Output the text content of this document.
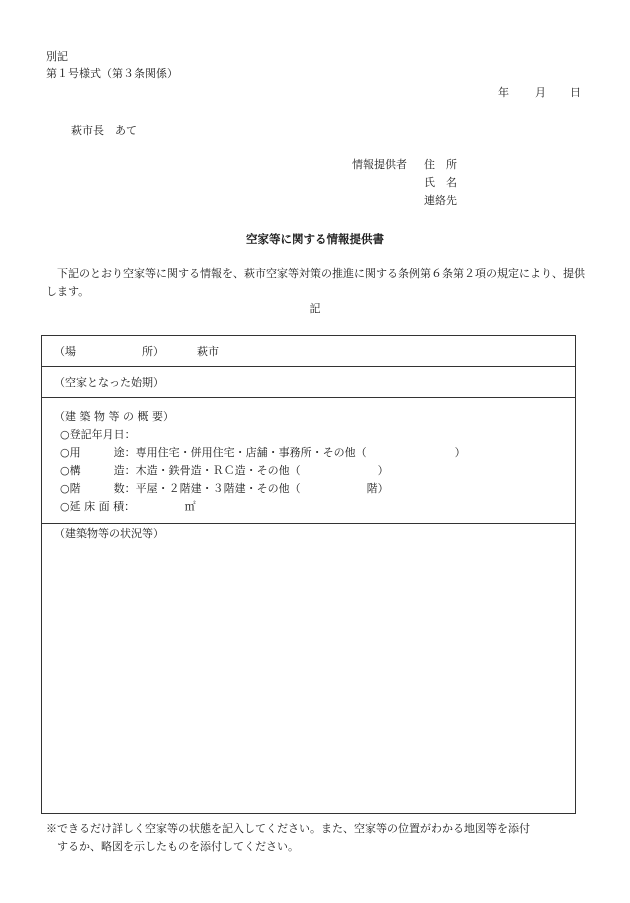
別記
第１号様式（第３条関係）
年 月 日
萩市長　あて
情報提供者 住　所
氏　名
連絡先
空家等に関する情報提供書
　下記のとおり空家等に関する情報を、萩市空家等対策の推進に関する条例第６条第２項の規定により、提供します。
記
（場　　　　　　所）	萩市
（空家となった始期）
（建 築 物 等 の 概 要）
○登記年月日：
○用　　　途：専用住宅・併用住宅・店舗・事務所・その他（　　　　　　　　）
○構　　　造：木造・鉄骨造・ＲＣ造・その他（　　　　　　　）
○階　　　数：平屋・２階建・３階建・その他（　　　　　　階）
○延 床 面 積：　　　　　㎡
（建築物等の状況等）
※できるだけ詳しく空家等の状態を記入してください。また、空家等の位置がわかる地図等を添付
するか、略図を示したものを添付してください。
